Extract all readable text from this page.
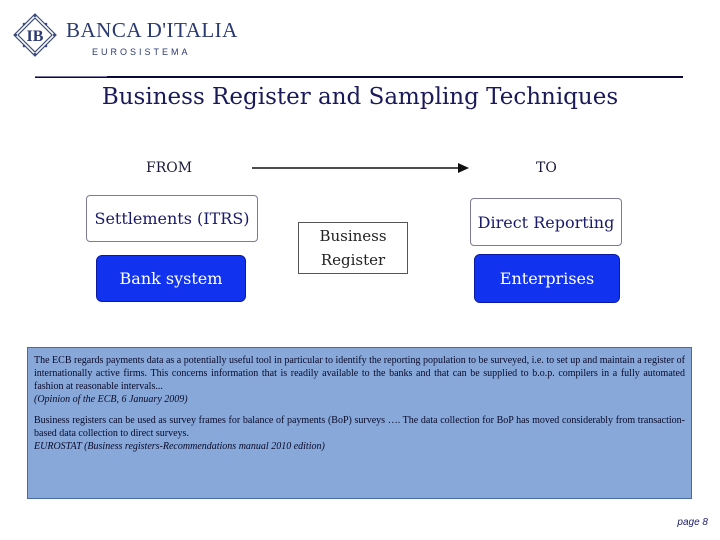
IB BANCA D'ITALIA
EUROSISTEMA
Business Register and Sampling Techniques
FROM	TO
Settlements (ITRS)
Bank system
Business
Register
Direct Reporting
Enterprises

The ECB regards payments data as a potentially useful tool in particular to identify the reporting population to be surveyed, i.e. to set up and maintain a register of internationally active firms. This concerns information that is readily available to the banks and that can be supplied to b.o.p. compilers in a fully automated fashion at reasonable intervals...

(Opinion of the ECB, 6 January 2009)

Business registers can be used as survey frames for balance of payments (BoP) surveys …. The data collection for BoP has moved considerably from transaction-based data collection to direct surveys.

EUROSTAT (Business registers-Recommendations manual 2010 edition)

page 8
